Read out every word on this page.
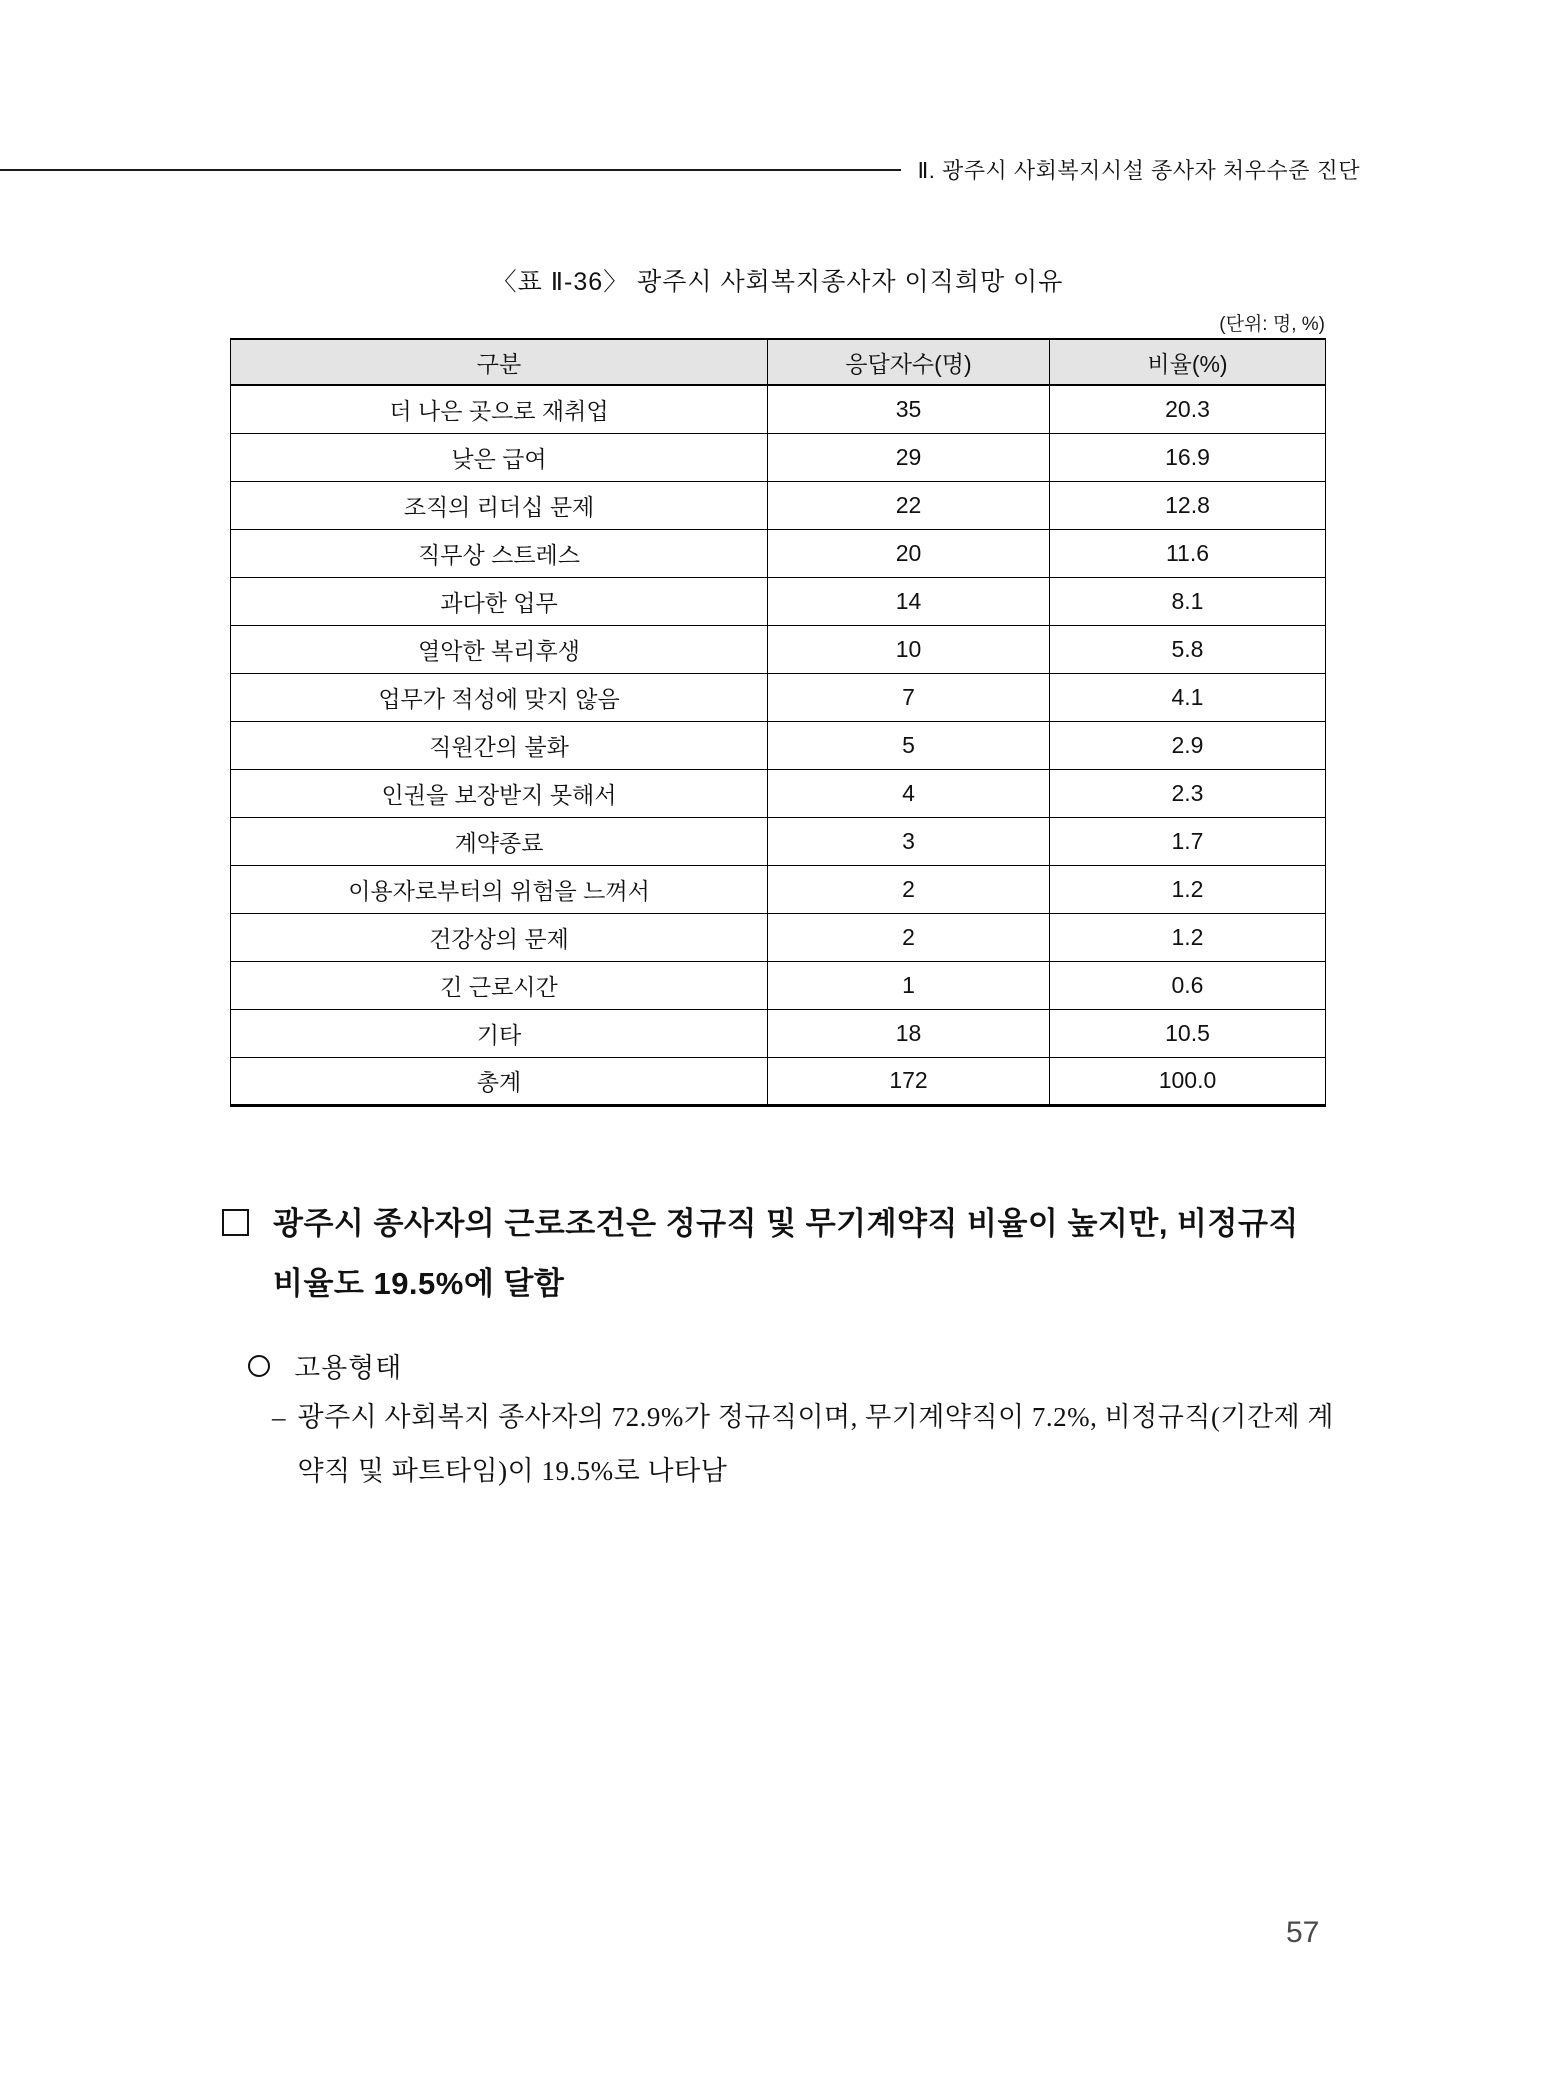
Ⅱ. 광주시 사회복지시설 종사자 처우수준 진단
〈표 Ⅱ-36〉 광주시 사회복지종사자 이직희망 이유
(단위: 명, %)
구분	응답자수(명)	비율(%)
더 나은 곳으로 재취업	35	20.3
낮은 급여	29	16.9
조직의 리더십 문제	22	12.8
직무상 스트레스	20	11.6
과다한 업무	14	8.1
열악한 복리후생	10	5.8
업무가 적성에 맞지 않음	7	4.1
직원간의 불화	5	2.9
인권을 보장받지 못해서	4	2.3
계약종료	3	1.7
이용자로부터의 위험을 느껴서	2	1.2
건강상의 문제	2	1.2
긴 근로시간	1	0.6
기타	18	10.5
총계	172	100.0
광주시 종사자의 근로조건은 정규직 및 무기계약직 비율이 높지만, 비정규직 비율도 19.5%에 달함
고용형태
– 광주시 사회복지 종사자의 72.9%가 정규직이며, 무기계약직이 7.2%, 비정규직(기간제 계약직 및 파트타임)이 19.5%로 나타남
57
